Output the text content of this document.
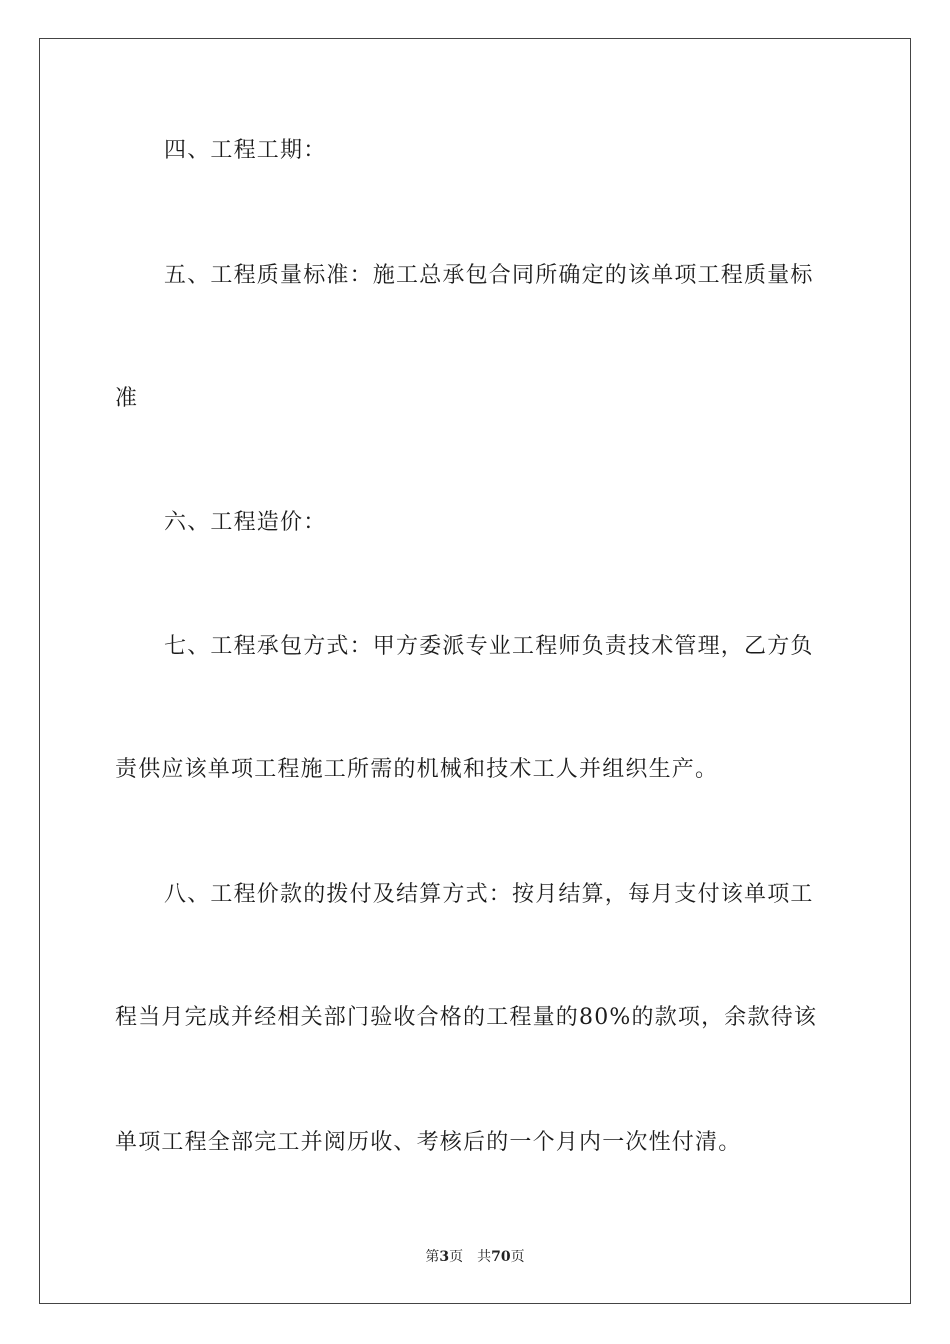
四、工程工期：
五、工程质量标准：施工总承包合同所确定的该单项工程质量标
准
六、工程造价：
七、工程承包方式：甲方委派专业工程师负责技术管理，乙方负
责供应该单项工程施工所需的机械和技术工人并组织生产。
八、工程价款的拨付及结算方式：按月结算，每月支付该单项工
程当月完成并经相关部门验收合格的工程量的80%的款项，余款待该
单项工程全部完工并阅历收、考核后的一个月内一次性付清。
第3页 共70页
